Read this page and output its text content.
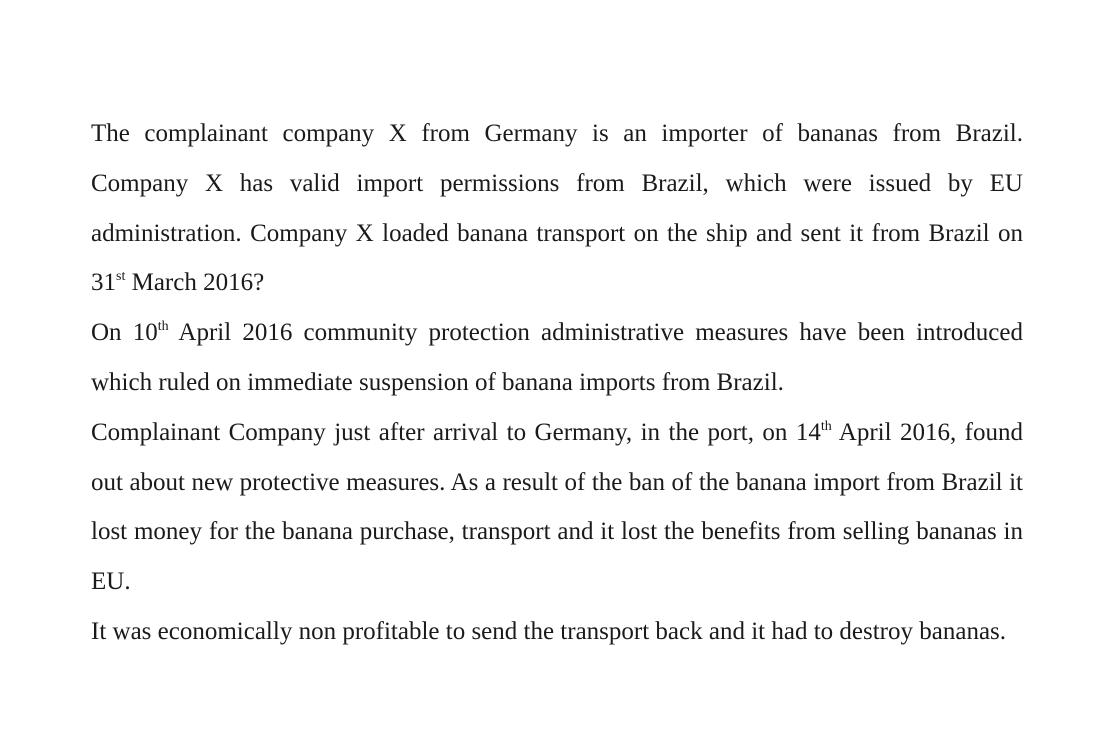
The complainant company X from Germany is an importer of bananas from Brazil. Company X has valid import permissions from Brazil, which were issued by EU administration. Company X loaded banana transport on the ship and sent it from Brazil on 31st March 2016?

On 10th April 2016 community protection administrative measures have been introduced which ruled on immediate suspension of banana imports from Brazil.

Complainant Company just after arrival to Germany, in the port, on 14th April 2016, found out about new protective measures. As a result of the ban of the banana import from Brazil it lost money for the banana purchase, transport and it lost the benefits from selling bananas in EU.

It was economically non profitable to send the transport back and it had to destroy bananas.
